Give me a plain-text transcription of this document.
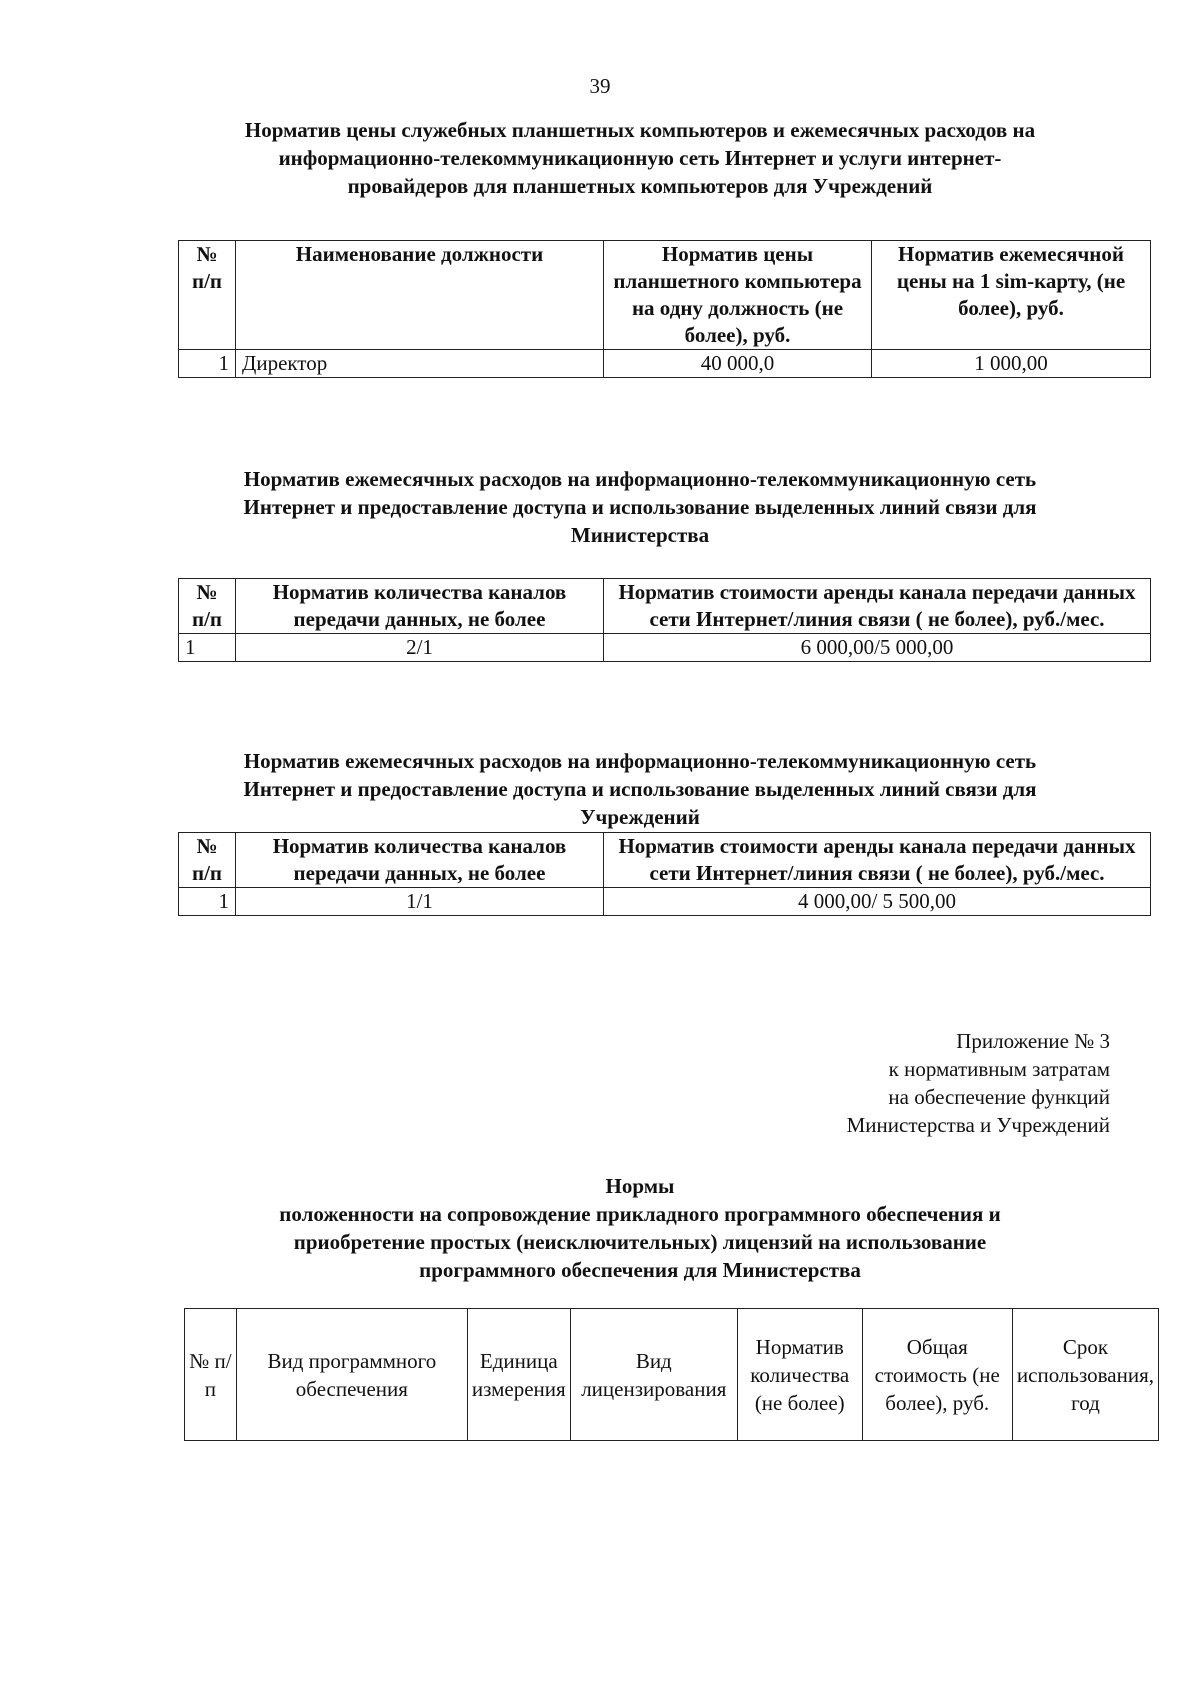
39
Норматив цены служебных планшетных компьютеров и ежемесячных расходов на
информационно-телекоммуникационную сеть Интернет и услуги интернет-
провайдеров для планшетных компьютеров для Учреждений
№ п/п	Наименование должности	Норматив цены планшетного компьютера на одну должность (не более), руб.	Норматив ежемесячной цены на 1 sim-карту, (не более), руб.
1	Директор	40 000,0	1 000,00
Норматив ежемесячных расходов на информационно-телекоммуникационную сеть
Интернет и предоставление доступа и использование выделенных линий связи для
Министерства
№ п/п	Норматив количества каналов передачи данных, не более	Норматив стоимости аренды канала передачи данных сети Интернет/линия связи ( не более), руб./мес.
1	2/1	6 000,00/5 000,00
Норматив ежемесячных расходов на информационно-телекоммуникационную сеть
Интернет и предоставление доступа и использование выделенных линий связи для
Учреждений
№ п/п	Норматив количества каналов передачи данных, не более	Норматив стоимости аренды канала передачи данных сети Интернет/линия связи ( не более), руб./мес.
1	1/1	4 000,00/ 5 500,00
Приложение № 3
к нормативным затратам
на обеспечение функций
Министерства и Учреждений
Нормы
положенности на сопровождение прикладного программного обеспечения и
приобретение простых (неисключительных) лицензий на использование
программного обеспечения для Министерства
№ п/п	Вид программного обеспечения	Единица измерения	Вид лицензирования	Норматив количества (не более)	Общая стоимость (не более), руб.	Срок использования, год
